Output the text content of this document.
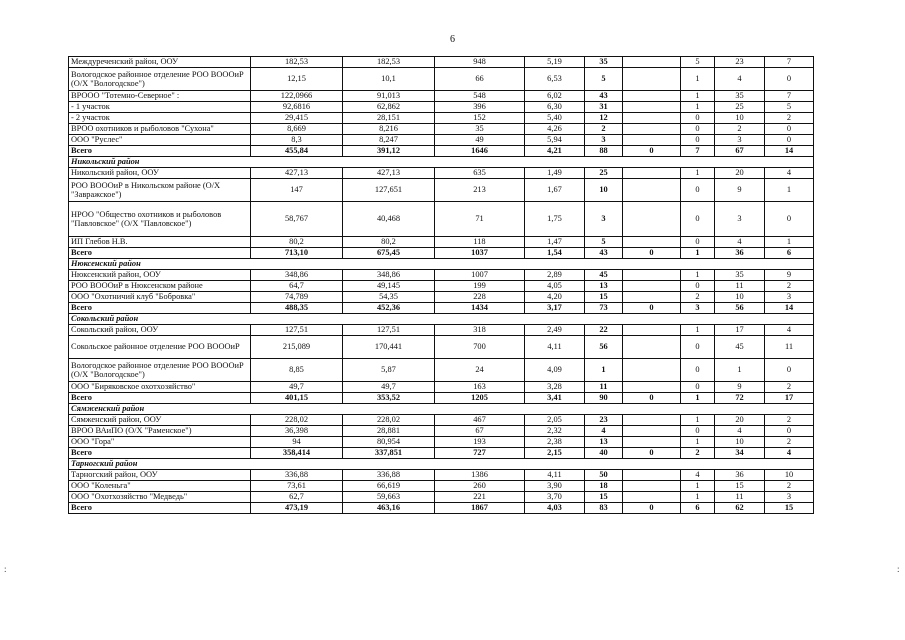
6
:	:
Междуреченский район, ООУ	182,53	182,53	948	5,19	35		5	23	7
Вологодское районное отделение РОО ВОООиР (О/Х "Вологодское")	12,15	10,1	66	6,53	5		1	4	0
ВРООО "Тотемно-Северное" :	122,0966	91,013	548	6,02	43		1	35	7
- 1 участок	92,6816	62,862	396	6,30	31		1	25	5
- 2 участок	29,415	28,151	152	5,40	12		0	10	2
ВРОО охотников и рыболовов "Сухона"	8,669	8,216	35	4,26	2		0	2	0
ООО "Руслес"	8,3	8,247	49	5,94	3		0	3	0
Всего	455,84	391,12	1646	4,21	88	0	7	67	14
Никольский район									
Никольский район, ООУ	427,13	427,13	635	1,49	25		1	20	4
РОО ВОООиР в Никольском районе (О/Х "Завражское")	147	127,651	213	1,67	10		0	9	1
НРОО "Общество охотников и рыболовов "Павловское" (О/Х "Павловское")	58,767	40,468	71	1,75	3		0	3	0
ИП Глебов Н.В.	80,2	80,2	118	1,47	5		0	4	1
Всего	713,10	675,45	1037	1,54	43	0	1	36	6
Нюксенский район									
Нюксенский район, ООУ	348,86	348,86	1007	2,89	45		1	35	9
РОО ВОООиР в Нюксенском районе	64,7	49,145	199	4,05	13		0	11	2
ООО "Охотничий клуб "Бобровка"	74,789	54,35	228	4,20	15		2	10	3
Всего	488,35	452,36	1434	3,17	73	0	3	56	14
Сокольский район									
Сокольский район, ООУ	127,51	127,51	318	2,49	22		1	17	4
Сокольское районное отделение РОО ВОООиР	215,089	170,441	700	4,11	56		0	45	11
Вологодское районное отделение РОО ВОООиР (О/Х "Вологодское")	8,85	5,87	24	4,09	1		0	1	0
ООО "Биряковское охотхозяйство"	49,7	49,7	163	3,28	11		0	9	2
Всего	401,15	353,52	1205	3,41	90	0	1	72	17
Сямженский район									
Сямженский район, ООУ	228,02	228,02	467	2,05	23		1	20	2
ВРОО ВАиПО (О/Х "Раменское")	36,398	28,881	67	2,32	4		0	4	0
ООО "Гора"	94	80,954	193	2,38	13		1	10	2
Всего	358,414	337,851	727	2,15	40	0	2	34	4
Тарногский район									
Тарногский район, ООУ	336,88	336,88	1386	4,11	50		4	36	10
ООО "Коленьга"	73,61	66,619	260	3,90	18		1	15	2
ООО "Охотхозяйство "Медведь"	62,7	59,663	221	3,70	15		1	11	3
Всего	473,19	463,16	1867	4,03	83	0	6	62	15
